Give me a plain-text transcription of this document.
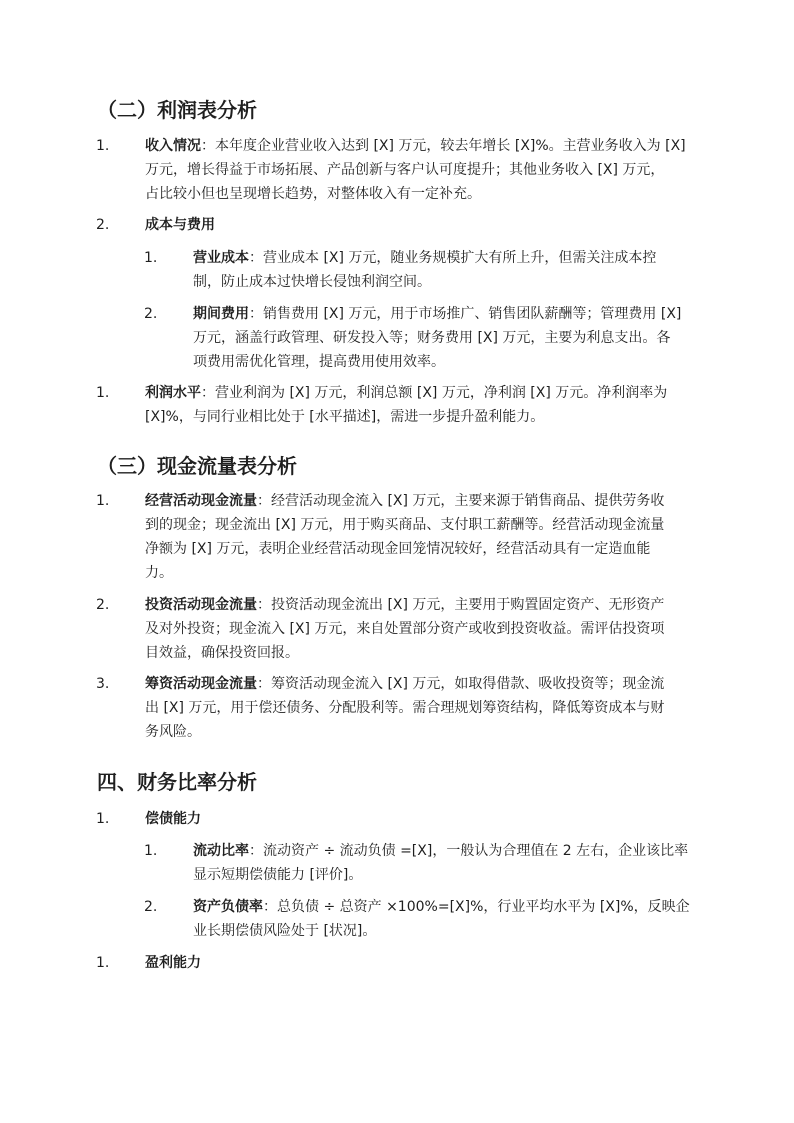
（二）利润表分析
1.	收入情况：本年度企业营业收入达到 [X] 万元，较去年增长 [X]%。主营业务收入为 [X]
万元，增长得益于市场拓展、产品创新与客户认可度提升；其他业务收入 [X] 万元，
占比较小但也呈现增长趋势，对整体收入有一定补充。
2.	成本与费用
1.	营业成本：营业成本 [X] 万元，随业务规模扩大有所上升，但需关注成本控
制，防止成本过快增长侵蚀利润空间。
2.	期间费用：销售费用 [X] 万元，用于市场推广、销售团队薪酬等；管理费用 [X]
万元，涵盖行政管理、研发投入等；财务费用 [X] 万元，主要为利息支出。各
项费用需优化管理，提高费用使用效率。
1.	利润水平：营业利润为 [X] 万元，利润总额 [X] 万元，净利润 [X] 万元。净利润率为
[X]%，与同行业相比处于 [水平描述]，需进一步提升盈利能力。
（三）现金流量表分析
1.	经营活动现金流量：经营活动现金流入 [X] 万元，主要来源于销售商品、提供劳务收
到的现金；现金流出 [X] 万元，用于购买商品、支付职工薪酬等。经营活动现金流量
净额为 [X] 万元，表明企业经营活动现金回笼情况较好，经营活动具有一定造血能
力。
2.	投资活动现金流量：投资活动现金流出 [X] 万元，主要用于购置固定资产、无形资产
及对外投资；现金流入 [X] 万元，来自处置部分资产或收到投资收益。需评估投资项
目效益，确保投资回报。
3.	筹资活动现金流量：筹资活动现金流入 [X] 万元，如取得借款、吸收投资等；现金流
出 [X] 万元，用于偿还债务、分配股利等。需合理规划筹资结构，降低筹资成本与财
务风险。
四、财务比率分析
1.	偿债能力
1.	流动比率：流动资产 ÷ 流动负债 =[X]，一般认为合理值在 2 左右，企业该比率
显示短期偿债能力 [评价]。
2.	资产负债率：总负债 ÷ 总资产 ×100%=[X]%，行业平均水平为 [X]%，反映企
业长期偿债风险处于 [状况]。
1.	盈利能力
